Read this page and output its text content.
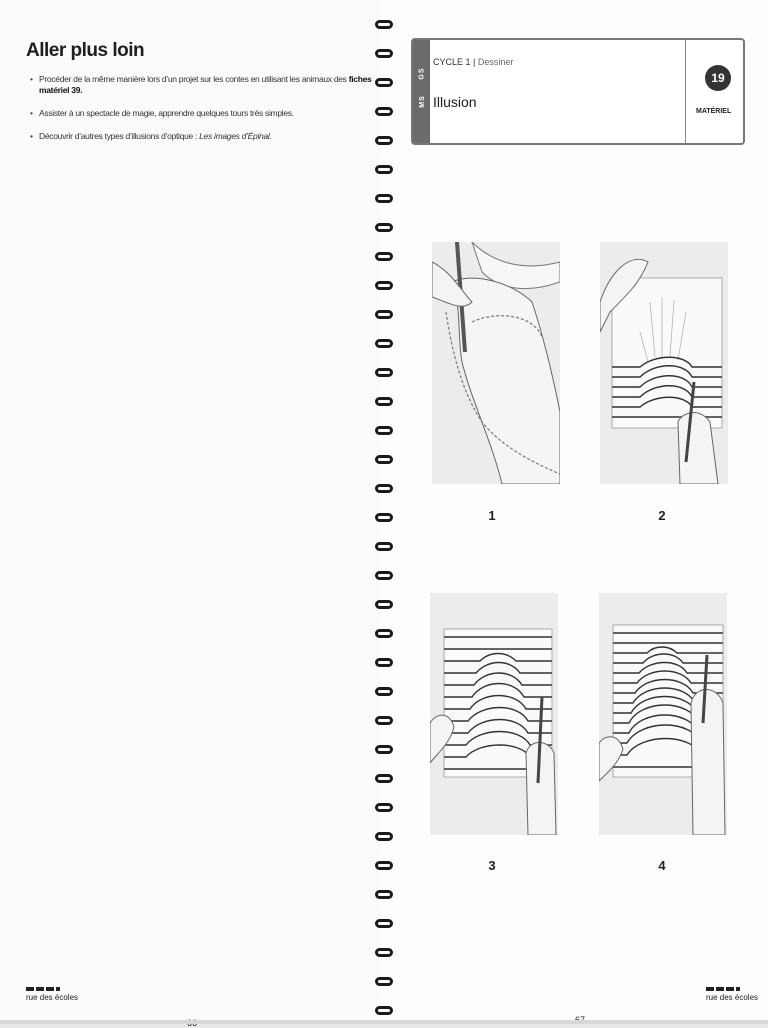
Aller plus loin
• Procéder de la même manière lors d’un projet sur les contes en utilisant les animaux des fiches matériel 39.
• Assister à un spectacle de magie, apprendre quelques tours très simples.
• Découvrir d’autres types d’illusions d’optique : Les images d’Épinal.
rue des écoles	rue des écoles
GS
MS
CYCLE 1 | Dessiner
Illusion
19
MATÉRIEL
1	2
3	4
